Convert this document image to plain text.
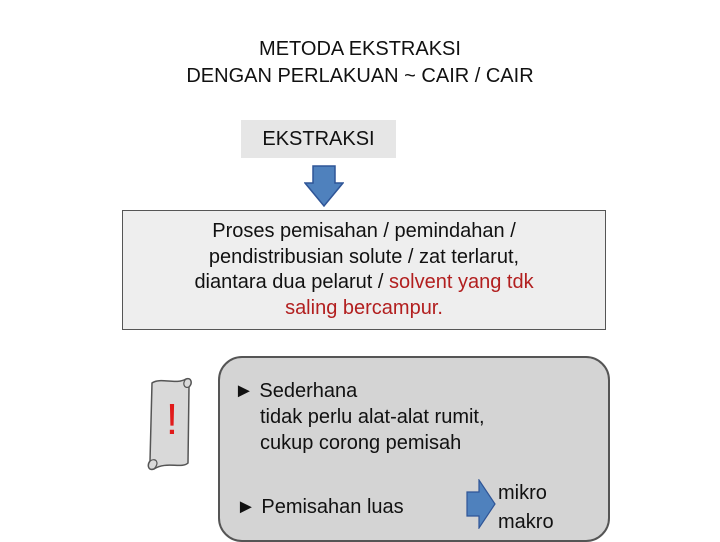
METODA EKSTRAKSI
DENGAN PERLAKUAN ~ CAIR / CAIR
EKSTRAKSI
Proses pemisahan / pemindahan /
pendistribusian solute / zat terlarut,
diantara dua pelarut / solvent yang tdk
saling bercampur.
!
► Sederhana
tidak perlu alat-alat rumit,
cukup corong pemisah
► Pemisahan luas
mikro
makro
